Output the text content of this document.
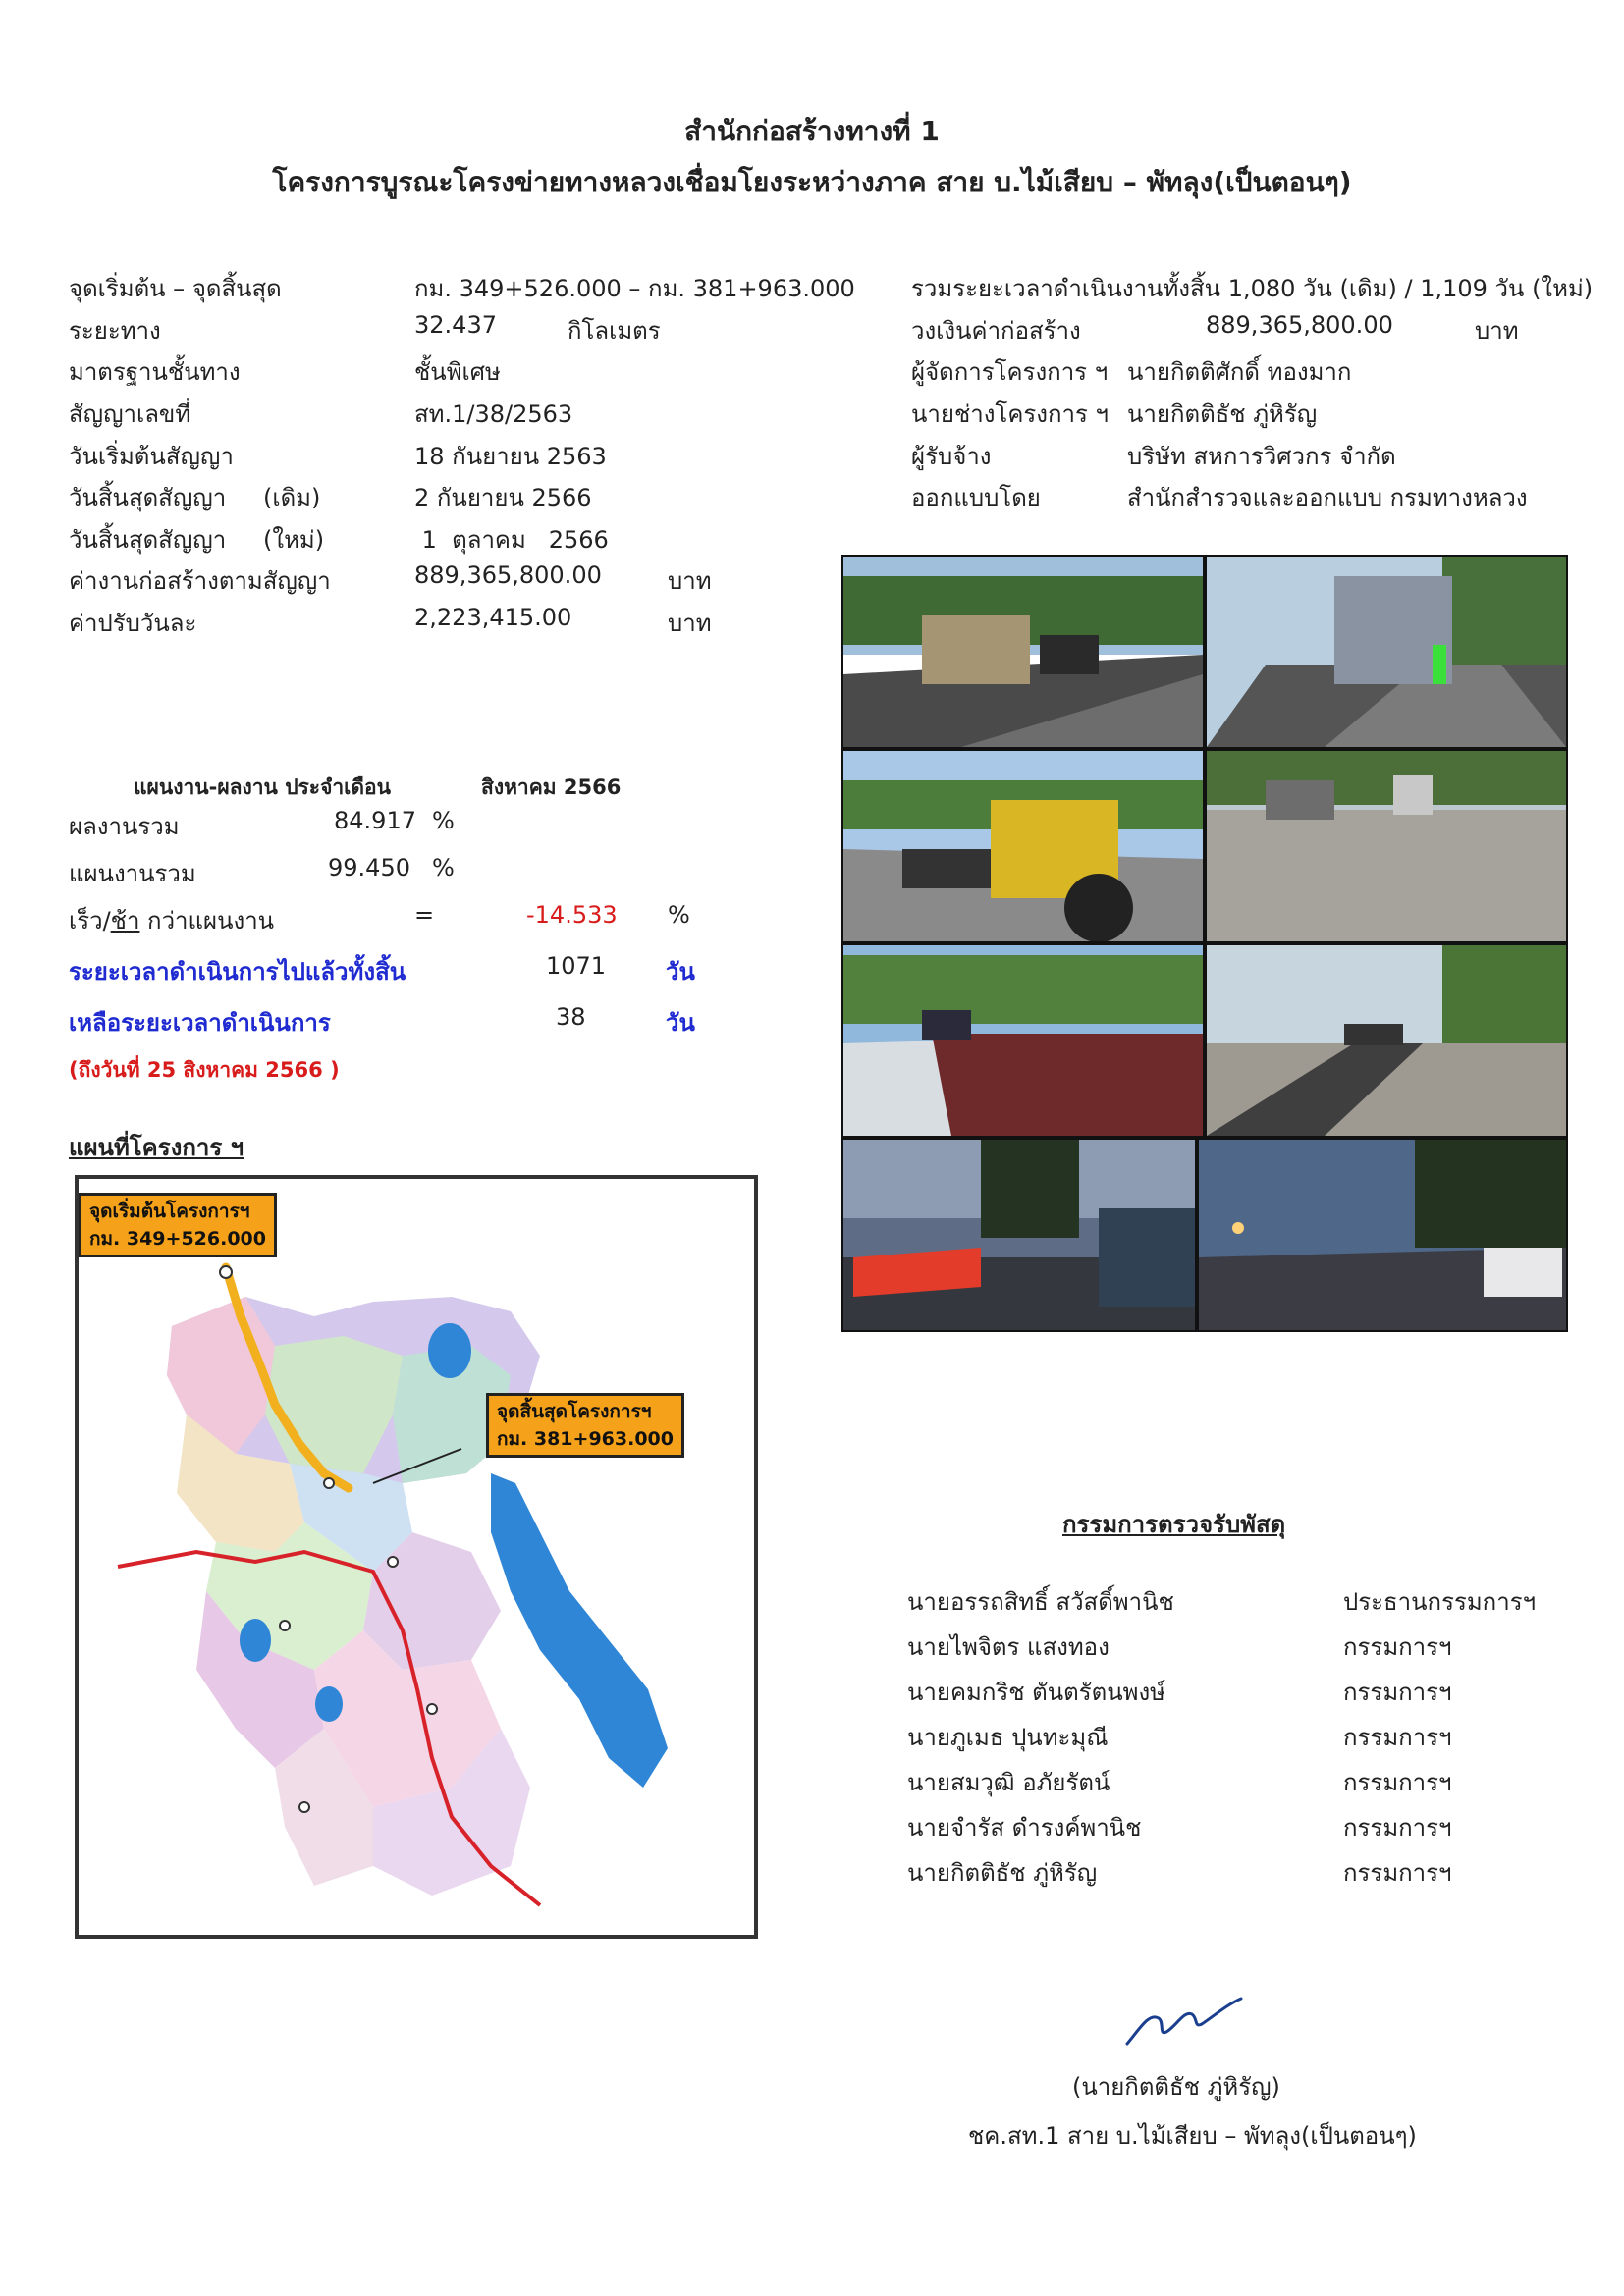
สำนักก่อสร้างทางที่ 1
โครงการบูรณะโครงข่ายทางหลวงเชื่อมโยงระหว่างภาค สาย บ.ไม้เสียบ – พัทลุง(เป็นตอนๆ)
จุดเริ่มต้น – จุดสิ้นสุด	กม. 349+526.000 – กม. 381+963.000
ระยะทาง	32.437	กิโลเมตร
มาตรฐานชั้นทาง	ชั้นพิเศษ
สัญญาเลขที่	สท.1/38/2563
วันเริ่มต้นสัญญา	18 กันยายน 2563
วันสิ้นสุดสัญญา (เดิม)	2 กันยายน 2566
วันสิ้นสุดสัญญา (ใหม่)	1  ตุลาคม   2566
ค่างานก่อสร้างตามสัญญา	889,365,800.00	บาท
ค่าปรับวันละ	2,223,415.00	บาท
รวมระยะเวลาดำเนินงานทั้งสิ้น 1,080 วัน (เดิม) / 1,109 วัน (ใหม่)
วงเงินค่าก่อสร้าง	889,365,800.00	บาท
ผู้จัดการโครงการ ฯ นายกิตติศักดิ์ ทองมาก
นายช่างโครงการ ฯ นายกิตติธัช ภู่หิรัญ
ผู้รับจ้าง	บริษัท สหการวิศวกร จำกัด
ออกแบบโดย	สำนักสำรวจและออกแบบ กรมทางหลวง
แผนงาน-ผลงาน ประจำเดือน	สิงหาคม 2566
ผลงานรวม	84.917 %
แผนงานรวม	99.450 %
เร็ว/ช้า กว่าแผนงาน	=	-14.533 %
ระยะเวลาดำเนินการไปแล้วทั้งสิ้น	1071	วัน
เหลือระยะเวลาดำเนินการ	38	วัน
(ถึงวันที่ 25 สิงหาคม 2566 )
แผนที่โครงการ ฯ
จุดเริ่มต้นโครงการฯ
กม. 349+526.000
จุดสิ้นสุดโครงการฯ
กม. 381+963.000
กรรมการตรวจรับพัสดุ
นายอรรถสิทธิ์ สวัสดิ์พานิช	ประธานกรรมการฯ
นายไพจิตร แสงทอง	กรรมการฯ
นายคมกริช ตันตรัตนพงษ์	กรรมการฯ
นายภูเมธ ปุนทะมุณี	กรรมการฯ
นายสมวุฒิ อภัยรัตน์	กรรมการฯ
นายจำรัส ดำรงค์พานิช	กรรมการฯ
นายกิตติธัช ภู่หิรัญ	กรรมการฯ
(นายกิตติธัช ภู่หิรัญ)
ชค.สท.1 สาย บ.ไม้เสียบ – พัทลุง(เป็นตอนๆ)
